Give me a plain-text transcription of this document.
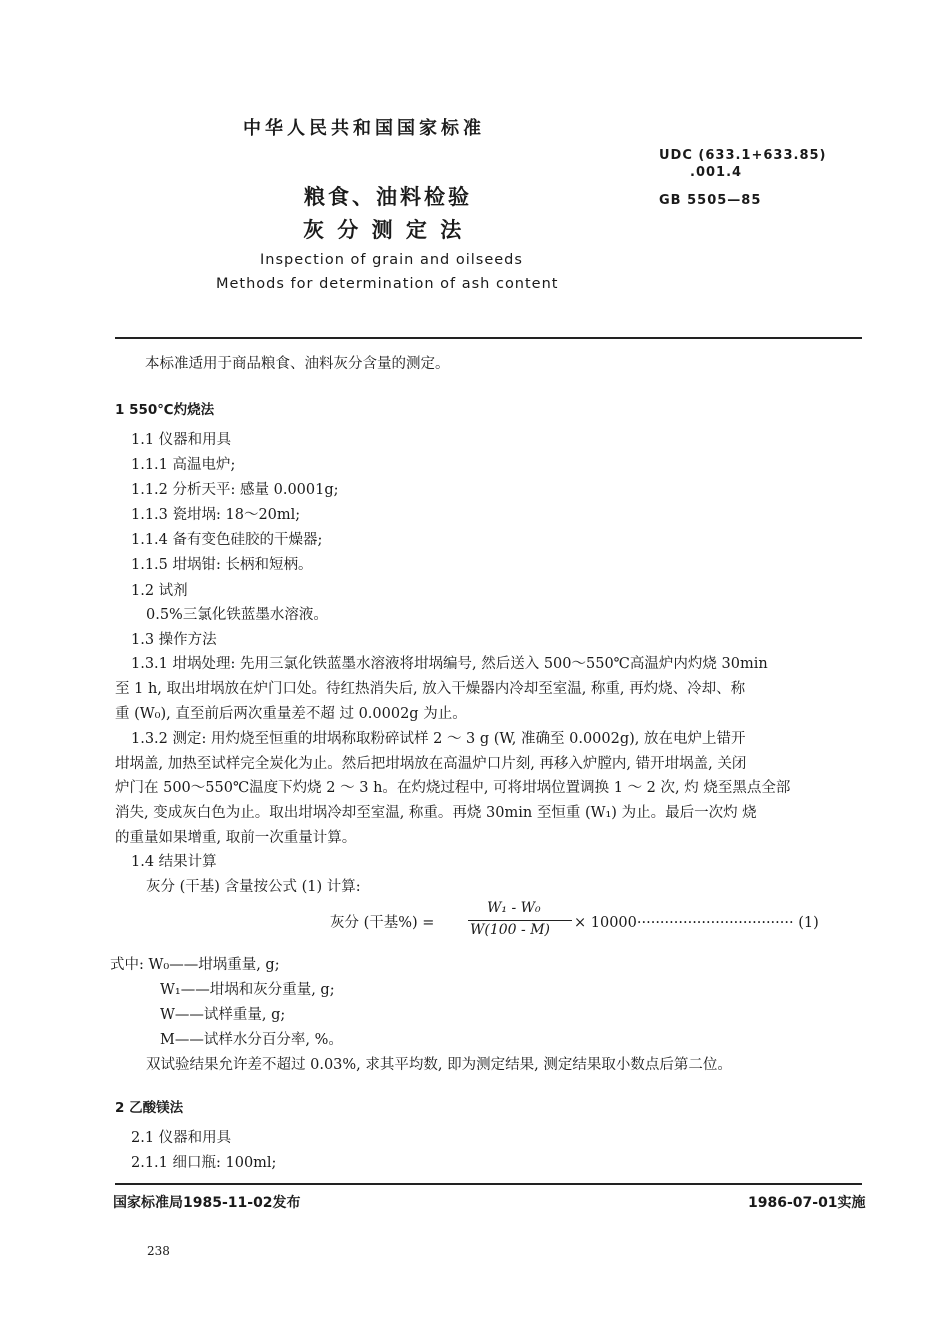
中华人民共和国国家标准
UDC (633.1+633.85)
.001.4
GB 5505—85
粮食、油料检验
灰 分 测 定 法
Inspection of grain and oilseeds
Methods for determination of ash content
本标准适用于商品粮食、油料灰分含量的测定。
1 550℃灼烧法
1.1 仪器和用具
1.1.1 高温电炉;
1.1.2 分析天平: 感量 0.0001g;
1.1.3 瓷坩埚: 18～20ml;
1.1.4 备有变色硅胶的干燥器;
1.1.5 坩埚钳: 长柄和短柄。
1.2 试剂
0.5%三氯化铁蓝墨水溶液。
1.3 操作方法
1.3.1 坩埚处理: 先用三氯化铁蓝墨水溶液将坩埚编号, 然后送入 500～550℃高温炉内灼烧 30min
至 1 h, 取出坩埚放在炉门口处。待红热消失后, 放入干燥器内冷却至室温, 称重, 再灼烧、冷却、称
重 (W₀), 直至前后两次重量差不超 过 0.0002g 为止。
1.3.2 测定: 用灼烧至恒重的坩埚称取粉碎试样 2 ～ 3 g (W, 准确至 0.0002g), 放在电炉上错开
坩埚盖, 加热至试样完全炭化为止。然后把坩埚放在高温炉口片刻, 再移入炉膛内, 错开坩埚盖, 关闭
炉门在 500～550℃温度下灼烧 2 ～ 3 h。在灼烧过程中, 可将坩埚位置调换 1 ～ 2 次, 灼 烧至黑点全部
消失, 变成灰白色为止。取出坩埚冷却至室温, 称重。再烧 30min 至恒重 (W₁) 为止。最后一次灼 烧
的重量如果增重, 取前一次重量计算。
1.4 结果计算
灰分 (干基) 含量按公式 (1) 计算:
灰分 (干基%) =
W₁ - W₀
W(100 - M) × 10000·································· (1)
式中: W₀——坩埚重量, g;
W₁——坩埚和灰分重量, g;
W——试样重量, g;
M——试样水分百分率, %。
双试验结果允许差不超过 0.03%, 求其平均数, 即为测定结果, 测定结果取小数点后第二位。
2 乙酸镁法
2.1 仪器和用具
2.1.1 细口瓶: 100ml;
国家标准局1985-11-02发布	1986-07-01实施
238
